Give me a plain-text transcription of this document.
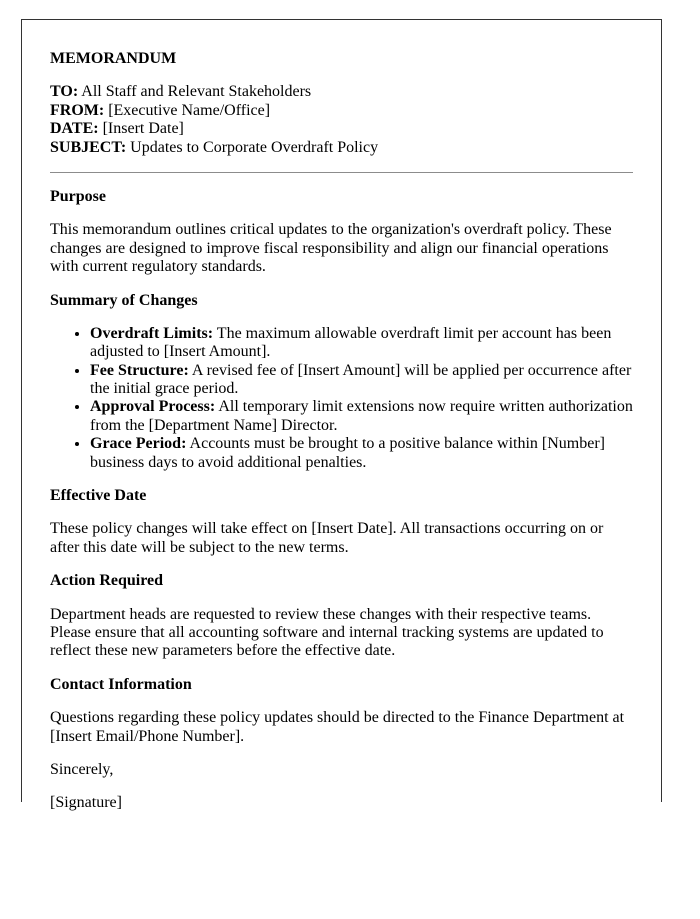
MEMORANDUM

TO: All Staff and Relevant Stakeholders
FROM: [Executive Name/Office]
DATE: [Insert Date]
SUBJECT: Updates to Corporate Overdraft Policy

Purpose

This memorandum outlines critical updates to the organization's overdraft policy. These changes are designed to improve fiscal responsibility and align our financial operations with current regulatory standards.

Summary of Changes

• Overdraft Limits: The maximum allowable overdraft limit per account has been adjusted to [Insert Amount].
• Fee Structure: A revised fee of [Insert Amount] will be applied per occurrence after the initial grace period.
• Approval Process: All temporary limit extensions now require written authorization from the [Department Name] Director.
• Grace Period: Accounts must be brought to a positive balance within [Number] business days to avoid additional penalties.

Effective Date

These policy changes will take effect on [Insert Date]. All transactions occurring on or after this date will be subject to the new terms.

Action Required

Department heads are requested to review these changes with their respective teams. Please ensure that all accounting software and internal tracking systems are updated to reflect these new parameters before the effective date.

Contact Information

Questions regarding these policy updates should be directed to the Finance Department at [Insert Email/Phone Number].

Sincerely,

[Signature]
